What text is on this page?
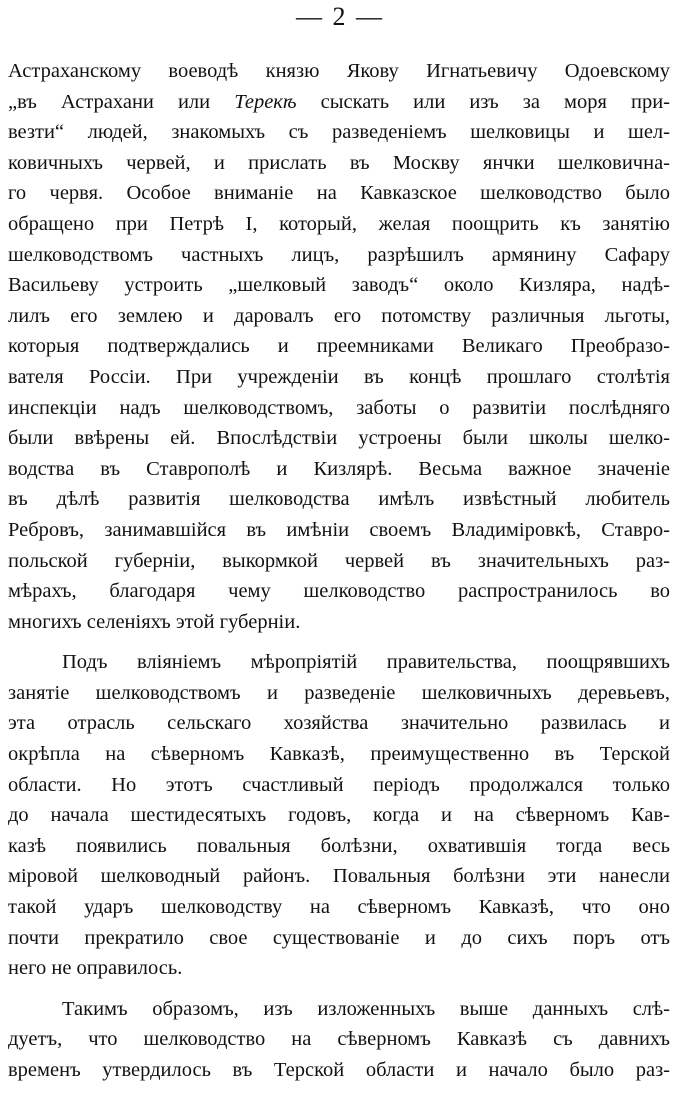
— 2 —
Астраханскому воеводѣ князю Якову Игнатьевичу Одоевскому
„въ Астрахани или Терекѣ сыскать или изъ за моря при-
везти“ людей, знакомыхъ съ разведеніемъ шелковицы и шел-
ковичныхъ червей, и прислать въ Москву янчки шелковична-
го червя. Особое вниманіе на Кавказское шелководство было
обращено при Петрѣ I, который, желая поощрить къ занятію
шелководствомъ частныхъ лицъ, разрѣшилъ армянину Сафару
Васильеву устроить „шелковый заводъ“ около Кизляра, надѣ-
лилъ его землею и даровалъ его потомству различныя льготы,
которыя подтверждались и преемниками Великаго Преобразо-
вателя Россіи. При учрежденіи въ концѣ прошлаго столѣтія
инспекціи надъ шелководствомъ, заботы о развитіи послѣдняго
были ввѣрены ей. Впослѣдствіи устроены были школы шелко-
водства въ Ставрополѣ и Кизлярѣ. Весьма важное значеніе
въ дѣлѣ развитія шелководства имѣлъ извѣстный любитель
Ребровъ, занимавшійся въ имѣніи своемъ Владиміровкѣ, Ставро-
польской губерніи, выкормкой червей въ значительныхъ раз-
мѣрахъ, благодаря чему шелководство распространилось во
многихъ селеніяхъ этой губерніи.
Подъ вліяніемъ мѣропріятій правительства, поощрявшихъ
занятіе шелководствомъ и разведеніе шелковичныхъ деревьевъ,
эта отрасль сельскаго хозяйства значительно развилась и
окрѣпла на сѣверномъ Кавказѣ, преимущественно въ Терской
области. Но этотъ счастливый періодъ продолжался только
до начала шестидесятыхъ годовъ, когда и на сѣверномъ Кав-
казѣ появились повальныя болѣзни, охватившія тогда весь
міровой шелководный районъ. Повальныя болѣзни эти нанесли
такой ударъ шелководству на сѣверномъ Кавказѣ, что оно
почти прекратило свое существованіе и до сихъ поръ отъ
него не оправилось.
Такимъ образомъ, изъ изложенныхъ выше данныхъ слѣ-
дуетъ, что шелководство на сѣверномъ Кавказѣ съ давнихъ
временъ утвердилось въ Терской области и начало было раз-
